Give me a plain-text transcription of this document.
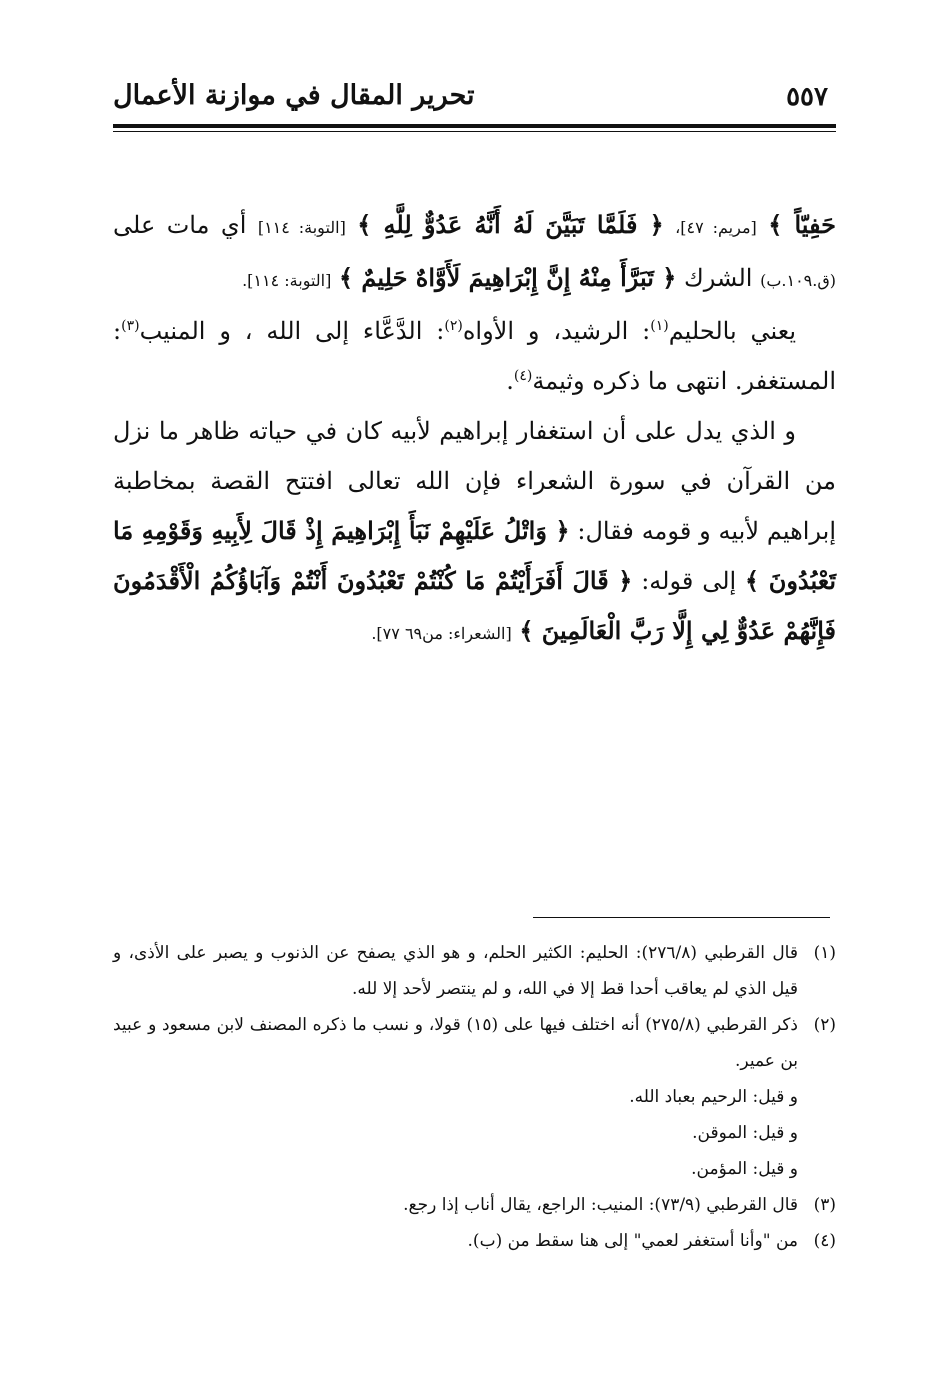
تحرير المقال في موازنة الأعمال	٥٥٧

حَفِيّاً ﴾ [مريم: ٤٧]، ﴿ فَلَمَّا تَبَيَّنَ لَهُ أَنَّهُ عَدُوٌّ لِلَّهِ ﴾ [التوبة: ١١٤] أي مات على (ق.١٠٩.ب) الشرك ﴿ تَبَرَّأَ مِنْهُ إِنَّ إِبْرَاهِيمَ لَأَوَّاهٌ حَلِيمٌ ﴾ [التوبة: ١١٤].

يعني بالحليم$^{(١)}$: الرشيد، و الأواه$^{(٢)}$: الدَّعَّاء إلى الله ، و المنيب$^{(٣)}$: المستغفر. انتهى ما ذكره وثيمة$^{(٤)}$.

و الذي يدل على أن استغفار إبراهيم لأبيه كان في حياته ظاهر ما نزل من القرآن في سورة الشعراء فإن الله تعالى افتتح القصة بمخاطبة إبراهيم لأبيه و قومه فقال: ﴿ وَاتْلُ عَلَيْهِمْ نَبَأَ إِبْرَاهِيمَ إِذْ قَالَ لِأَبِيهِ وَقَوْمِهِ مَا تَعْبُدُونَ ﴾ إلى قوله: ﴿ قَالَ أَفَرَأَيْتُمْ مَا كُنْتُمْ تَعْبُدُونَ أَنْتُمْ وَآبَاؤُكُمُ الْأَقْدَمُونَ فَإِنَّهُمْ عَدُوٌّ لِي إِلَّا رَبَّ الْعَالَمِينَ ﴾ [الشعراء: من٦٩ ٧٧].

(١)
قال القرطبي (٢٧٦/٨): الحليم: الكثير الحلم، و هو الذي يصفح عن الذنوب و يصبر على الأذى، و قيل الذي لم يعاقب أحدا قط إلا في الله، و لم ينتصر لأحد إلا لله.
(٢)
ذكر القرطبي (٢٧٥/٨) أنه اختلف فيها على (١٥) قولا، و نسب ما ذكره المصنف لابن مسعود و عبيد بن عمير.
و قيل: الرحيم بعباد الله.
و قيل: الموقن.
و قيل: المؤمن.
(٣)
قال القرطبي (٧٣/٩): المنيب: الراجع، يقال أناب إذا رجع.
(٤)
من "وأنا أستغفر لعمي" إلى هنا سقط من (ب).
